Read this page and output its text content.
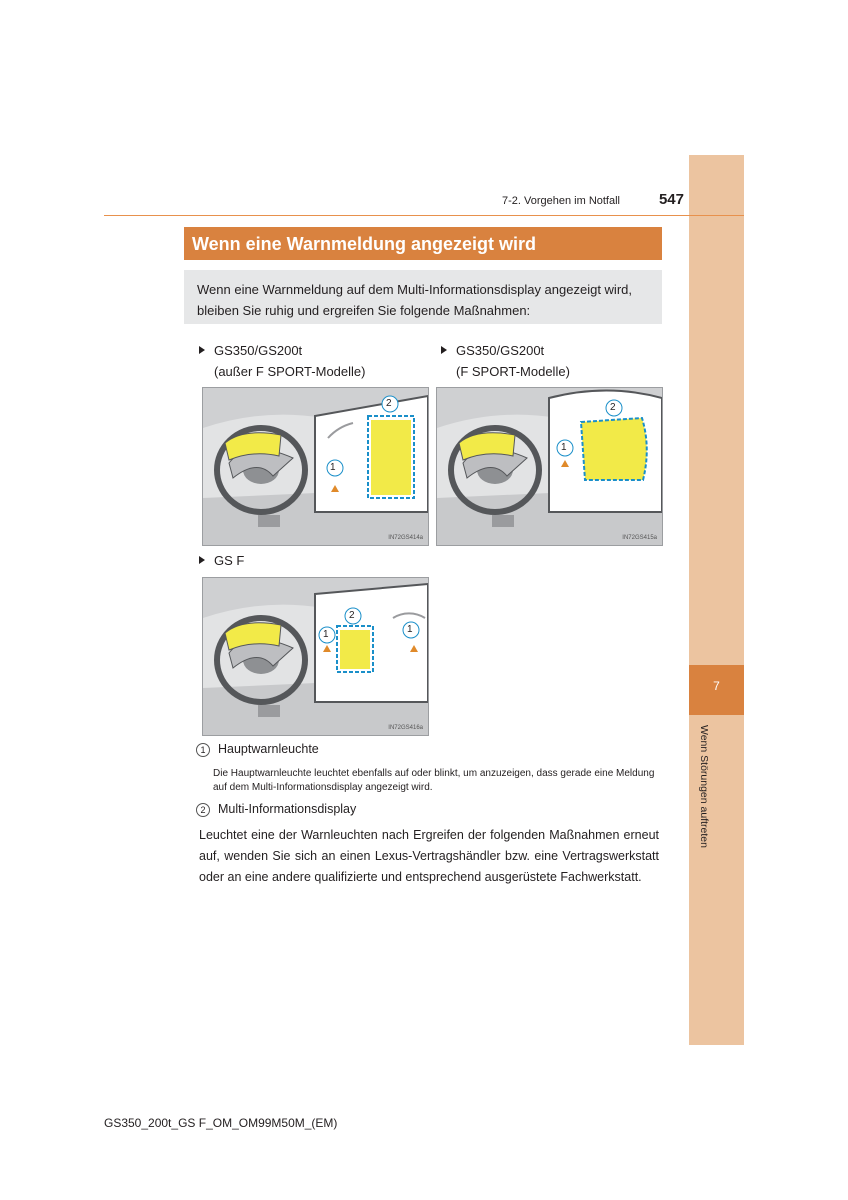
7
Wenn Störungen auftreten
7-2. Vorgehen im Notfall	547
Wenn eine Warnmeldung angezeigt wird
Wenn eine Warnmeldung auf dem Multi-Informationsdisplay angezeigt wird, bleiben Sie ruhig und ergreifen Sie folgende Maßnahmen:
GS350/GS200t
(außer F SPORT-Modelle)
GS350/GS200t
(F SPORT-Modelle)
GS F
1
2
IN72GS414a
1
2
IN72GS415a
1
2
1
IN72GS416a
1 Hauptwarnleuchte
Die Hauptwarnleuchte leuchtet ebenfalls auf oder blinkt, um anzuzeigen, dass gerade eine Meldung auf dem Multi-Informationsdisplay angezeigt wird.
2 Multi-Informationsdisplay
Leuchtet eine der Warnleuchten nach Ergreifen der folgenden Maßnahmen erneut auf, wenden Sie sich an einen Lexus-Vertragshändler bzw. eine Vertragswerkstatt oder an eine andere qualifizierte und entsprechend ausgerüstete Fachwerkstatt.
GS350_200t_GS F_OM_OM99M50M_(EM)
